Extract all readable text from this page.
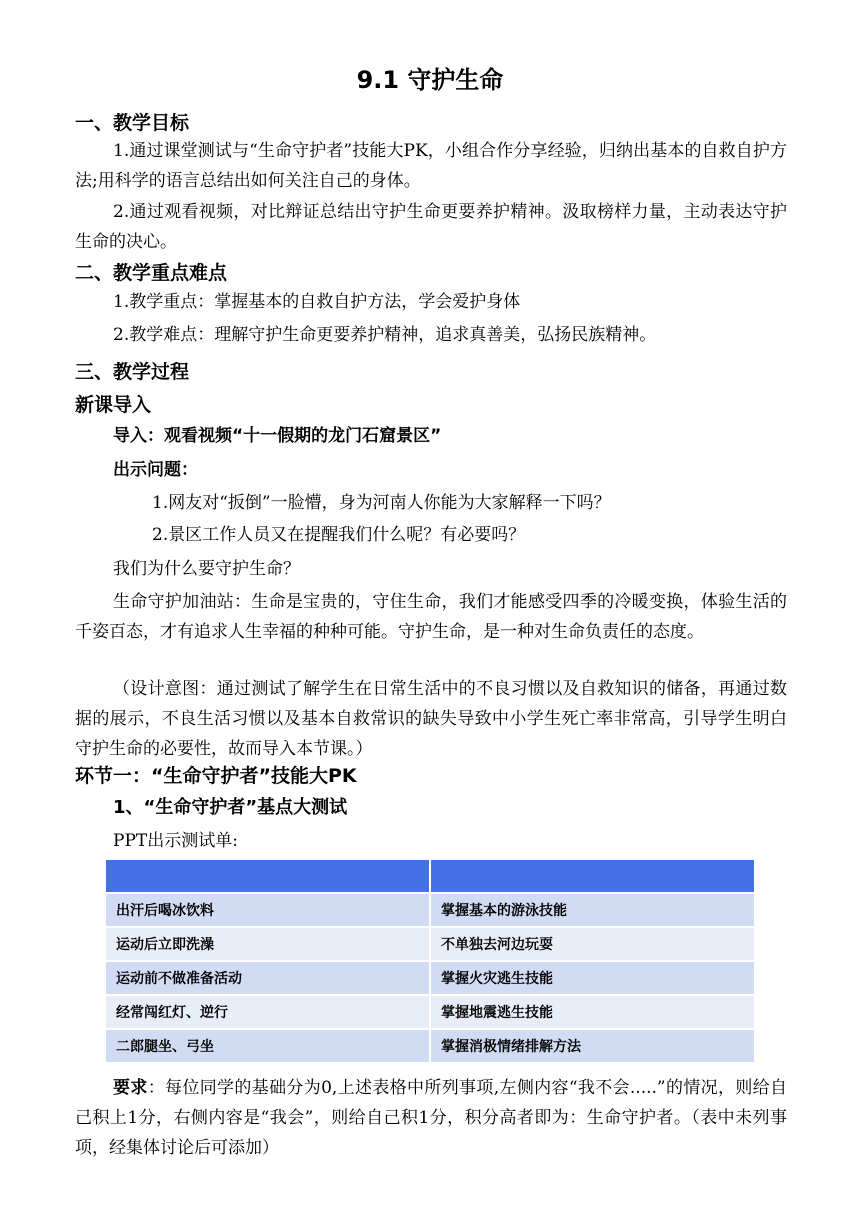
9.1 守护生命
一、教学目标

1.通过课堂测试与“生命守护者”技能大PK，小组合作分享经验，归纳出基本的自救自护方法;用科学的语言总结出如何关注自己的身体。

2.通过观看视频，对比辩证总结出守护生命更要养护精神。汲取榜样力量，主动表达守护生命的决心。

二、教学重点难点
1.教学重点：掌握基本的自救自护方法，学会爱护身体
2.教学难点：理解守护生命更要养护精神，追求真善美，弘扬民族精神。
三、教学过程
新课导入
导入：观看视频“十一假期的龙门石窟景区”
出示问题：
1.网友对“扳倒”一脸懵，身为河南人你能为大家解释一下吗？
2.景区工作人员又在提醒我们什么呢？有必要吗？
我们为什么要守护生命？

生命守护加油站：生命是宝贵的，守住生命，我们才能感受四季的冷暖变换，体验生活的千姿百态，才有追求人生幸福的种种可能。守护生命，是一种对生命负责任的态度。

（设计意图：通过测试了解学生在日常生活中的不良习惯以及自救知识的储备，再通过数据的展示，不良生活习惯以及基本自救常识的缺失导致中小学生死亡率非常高，引导学生明白守护生命的必要性，故而导入本节课。）

环节一：“生命守护者”技能大PK
1、“生命守护者”基点大测试
PPT出示测试单:

出汗后喝冰饮料	掌握基本的游泳技能
运动后立即洗澡	不单独去河边玩耍
运动前不做准备活动	掌握火灾逃生技能
经常闯红灯、逆行	掌握地震逃生技能
二郎腿坐、弓坐	掌握消极情绪排解方法

要求：每位同学的基础分为0,上述表格中所列事项,左侧内容“我不会.....”的情况，则给自己积上1分，右侧内容是“我会”，则给自己积1分，积分高者即为：生命守护者。（表中未列事项，经集体讨论后可添加）
